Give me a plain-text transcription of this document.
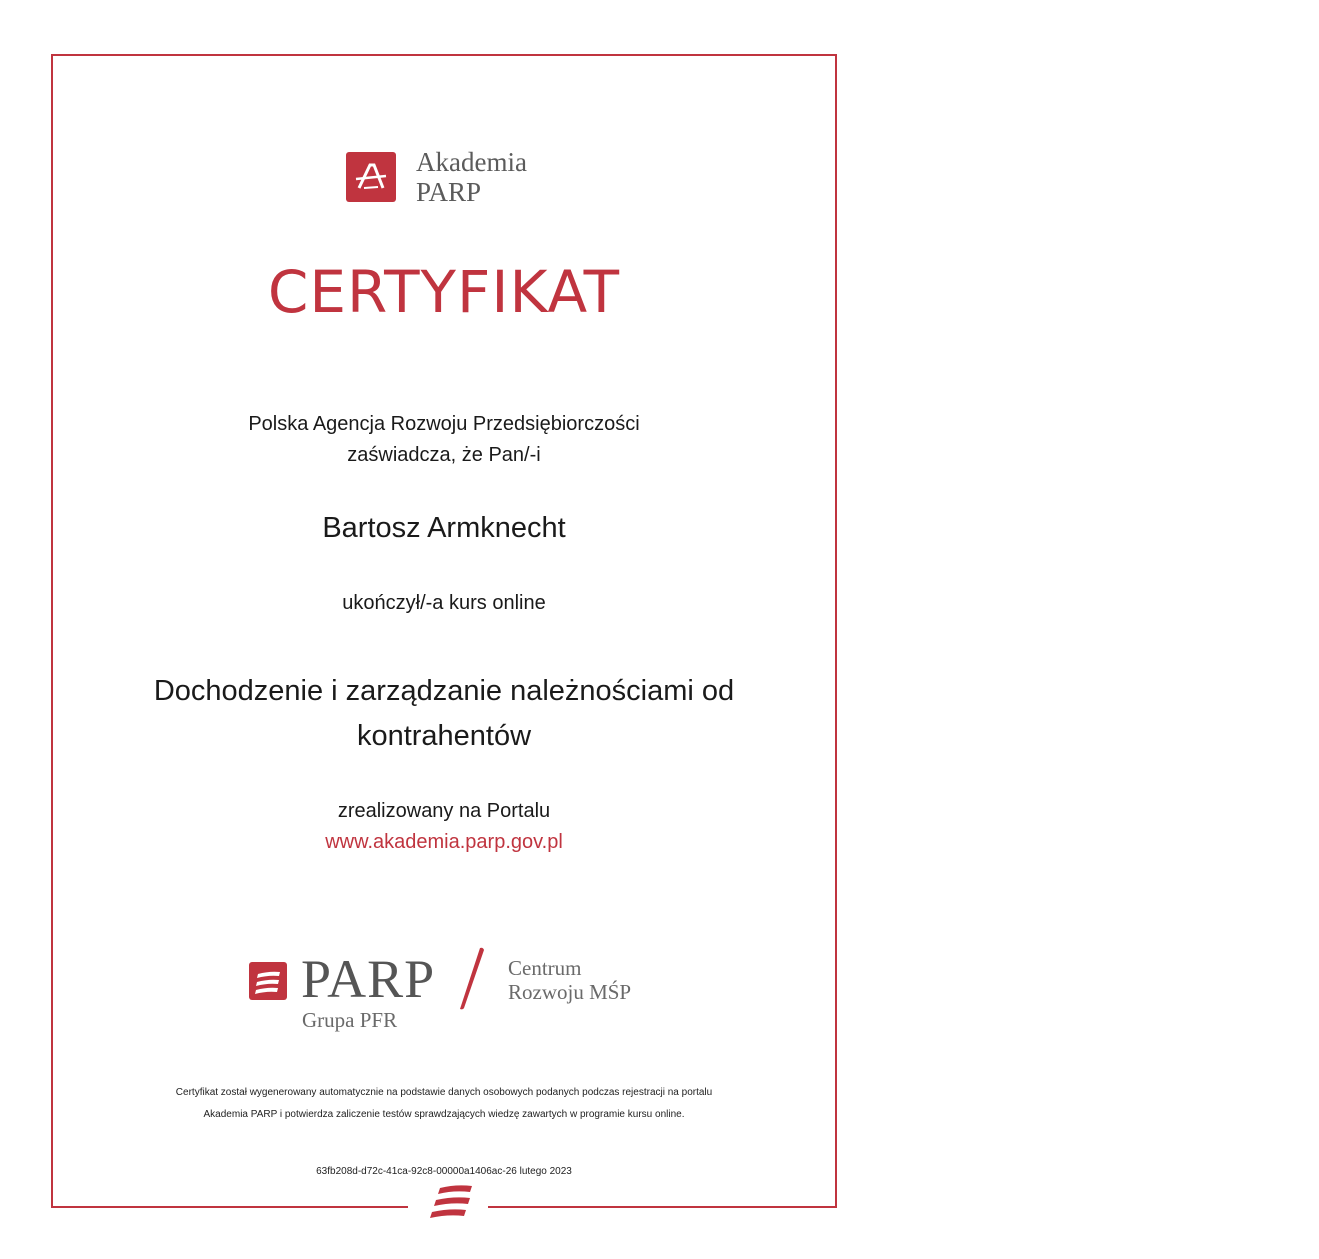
Akademia
PARP
CERTYFIKAT
Polska Agencja Rozwoju Przedsiębiorczości
zaświadcza, że Pan/-i
Bartosz Armknecht
ukończył/-a kurs online
Dochodzenie i zarządzanie należnościami od
kontrahentów
zrealizowany na Portalu
www.akademia.parp.gov.pl
PARP
Grupa PFR
Centrum
Rozwoju MŚP
Certyfikat został wygenerowany automatycznie na podstawie danych osobowych podanych podczas rejestracji na portalu
Akademia PARP i potwierdza zaliczenie testów sprawdzających wiedzę zawartych w programie kursu online.
63fb208d-d72c-41ca-92c8-00000a1406ac-26 lutego 2023
